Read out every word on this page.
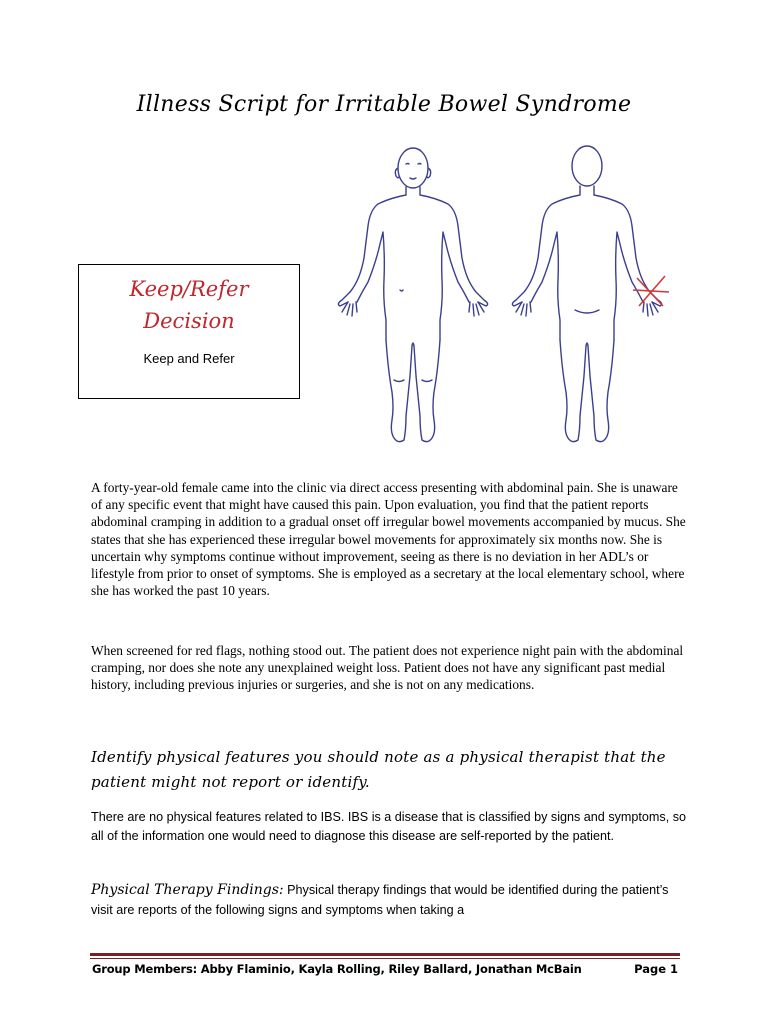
Illness Script for Irritable Bowel Syndrome
Keep/Refer
Decision
Keep and Refer

A forty-year-old female came into the clinic via direct access presenting with abdominal pain. She is unaware of any specific event that might have caused this pain. Upon evaluation, you find that the patient reports abdominal cramping in addition to a gradual onset off irregular bowel movements accompanied by mucus. She states that she has experienced these irregular bowel movements for approximately six months now. She is uncertain why symptoms continue without improvement, seeing as there is no deviation in her ADL’s or lifestyle from prior to onset of symptoms. She is employed as a secretary at the local elementary school, where she has worked the past 10 years.

When screened for red flags, nothing stood out. The patient does not experience night pain with the abdominal cramping, nor does she note any unexplained weight loss. Patient does not have any significant past medial history, including previous injuries or surgeries, and she is not on any medications.

Identify physical features you should note as a physical therapist that the patient might not report or identify.

There are no physical features related to IBS. IBS is a disease that is classified by signs and symptoms, so all of the information one would need to diagnose this disease are self-reported by the patient.

Physical Therapy Findings: Physical therapy findings that would be identified during the patient’s visit are reports of the following signs and symptoms when taking a

Group Members: Abby Flaminio, Kayla Rolling, Riley Ballard, Jonathan McBain	Page 1
